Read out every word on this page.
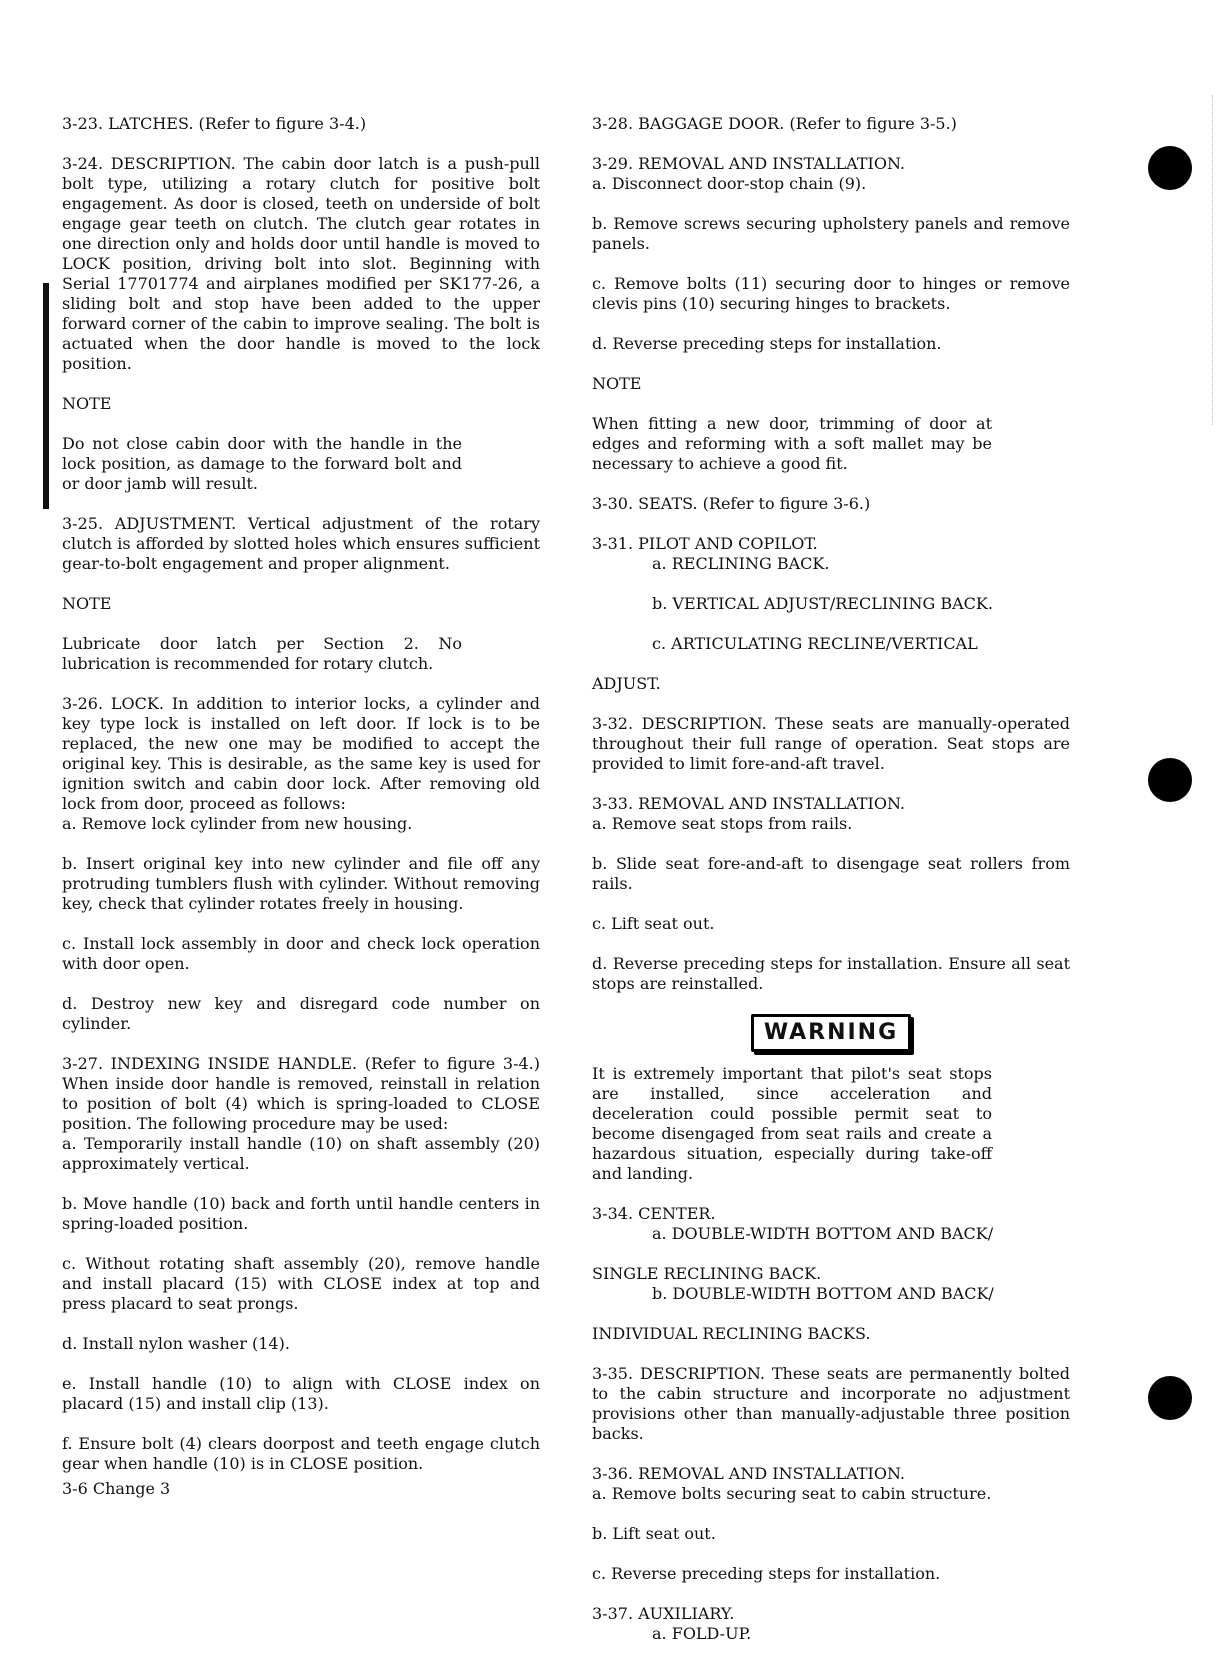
3-23. LATCHES. (Refer to figure 3-4.)

3-24. DESCRIPTION. The cabin door latch is a push-pull bolt type, utilizing a rotary clutch for positive bolt engagement. As door is closed, teeth on underside of bolt engage gear teeth on clutch. The clutch gear rotates in one direction only and holds door until handle is moved to LOCK position, driving bolt into slot. Beginning with Serial 17701774 and airplanes modified per SK177-26, a sliding bolt and stop have been added to the upper forward corner of the cabin to improve sealing. The bolt is actuated when the door handle is moved to the lock position.

NOTE

Do not close cabin door with the handle in the lock position, as damage to the forward bolt and or door jamb will result.

3-25. ADJUSTMENT. Vertical adjustment of the rotary clutch is afforded by slotted holes which ensures sufficient gear-to-bolt engagement and proper alignment.

NOTE

Lubricate door latch per Section 2. No lubrication is recommended for rotary clutch.

3-26. LOCK. In addition to interior locks, a cylinder and key type lock is installed on left door. If lock is to be replaced, the new one may be modified to accept the original key. This is desirable, as the same key is used for ignition switch and cabin door lock. After removing old lock from door, proceed as follows:

a. Remove lock cylinder from new housing.

b. Insert original key into new cylinder and file off any protruding tumblers flush with cylinder. Without removing key, check that cylinder rotates freely in housing.

c. Install lock assembly in door and check lock operation with door open.

d. Destroy new key and disregard code number on cylinder.

3-27. INDEXING INSIDE HANDLE. (Refer to figure 3-4.) When inside door handle is removed, reinstall in relation to position of bolt (4) which is spring-loaded to CLOSE position. The following procedure may be used:

a. Temporarily install handle (10) on shaft assembly (20) approximately vertical.

b. Move handle (10) back and forth until handle centers in spring-loaded position.

c. Without rotating shaft assembly (20), remove handle and install placard (15) with CLOSE index at top and press placard to seat prongs.

d. Install nylon washer (14).

e. Install handle (10) to align with CLOSE index on placard (15) and install clip (13).

f. Ensure bolt (4) clears doorpost and teeth engage clutch gear when handle (10) is in CLOSE position.

3-28. BAGGAGE DOOR. (Refer to figure 3-5.)

3-29. REMOVAL AND INSTALLATION.

a. Disconnect door-stop chain (9).

b. Remove screws securing upholstery panels and remove panels.

c. Remove bolts (11) securing door to hinges or remove clevis pins (10) securing hinges to brackets.

d. Reverse preceding steps for installation.

NOTE

When fitting a new door, trimming of door at edges and reforming with a soft mallet may be necessary to achieve a good fit.

3-30. SEATS. (Refer to figure 3-6.)

3-31. PILOT AND COPILOT.

a. RECLINING BACK.

b. VERTICAL ADJUST/RECLINING BACK.

c. ARTICULATING RECLINE/VERTICAL

ADJUST.

3-32. DESCRIPTION. These seats are manually-operated throughout their full range of operation. Seat stops are provided to limit fore-and-aft travel.

3-33. REMOVAL AND INSTALLATION.

a. Remove seat stops from rails.

b. Slide seat fore-and-aft to disengage seat rollers from rails.

c. Lift seat out.

d. Reverse preceding steps for installation. Ensure all seat stops are reinstalled.

WARNING

It is extremely important that pilot's seat stops are installed, since acceleration and deceleration could possible permit seat to become disengaged from seat rails and create a hazardous situation, especially during take-off and landing.

3-34. CENTER.

a. DOUBLE-WIDTH BOTTOM AND BACK/

SINGLE RECLINING BACK.

b. DOUBLE-WIDTH BOTTOM AND BACK/

INDIVIDUAL RECLINING BACKS.

3-35. DESCRIPTION. These seats are permanently bolted to the cabin structure and incorporate no adjustment provisions other than manually-adjustable three position backs.

3-36. REMOVAL AND INSTALLATION.

a. Remove bolts securing seat to cabin structure.

b. Lift seat out.

c. Reverse preceding steps for installation.

3-37. AUXILIARY.

a. FOLD-UP.

3-6 Change 3
